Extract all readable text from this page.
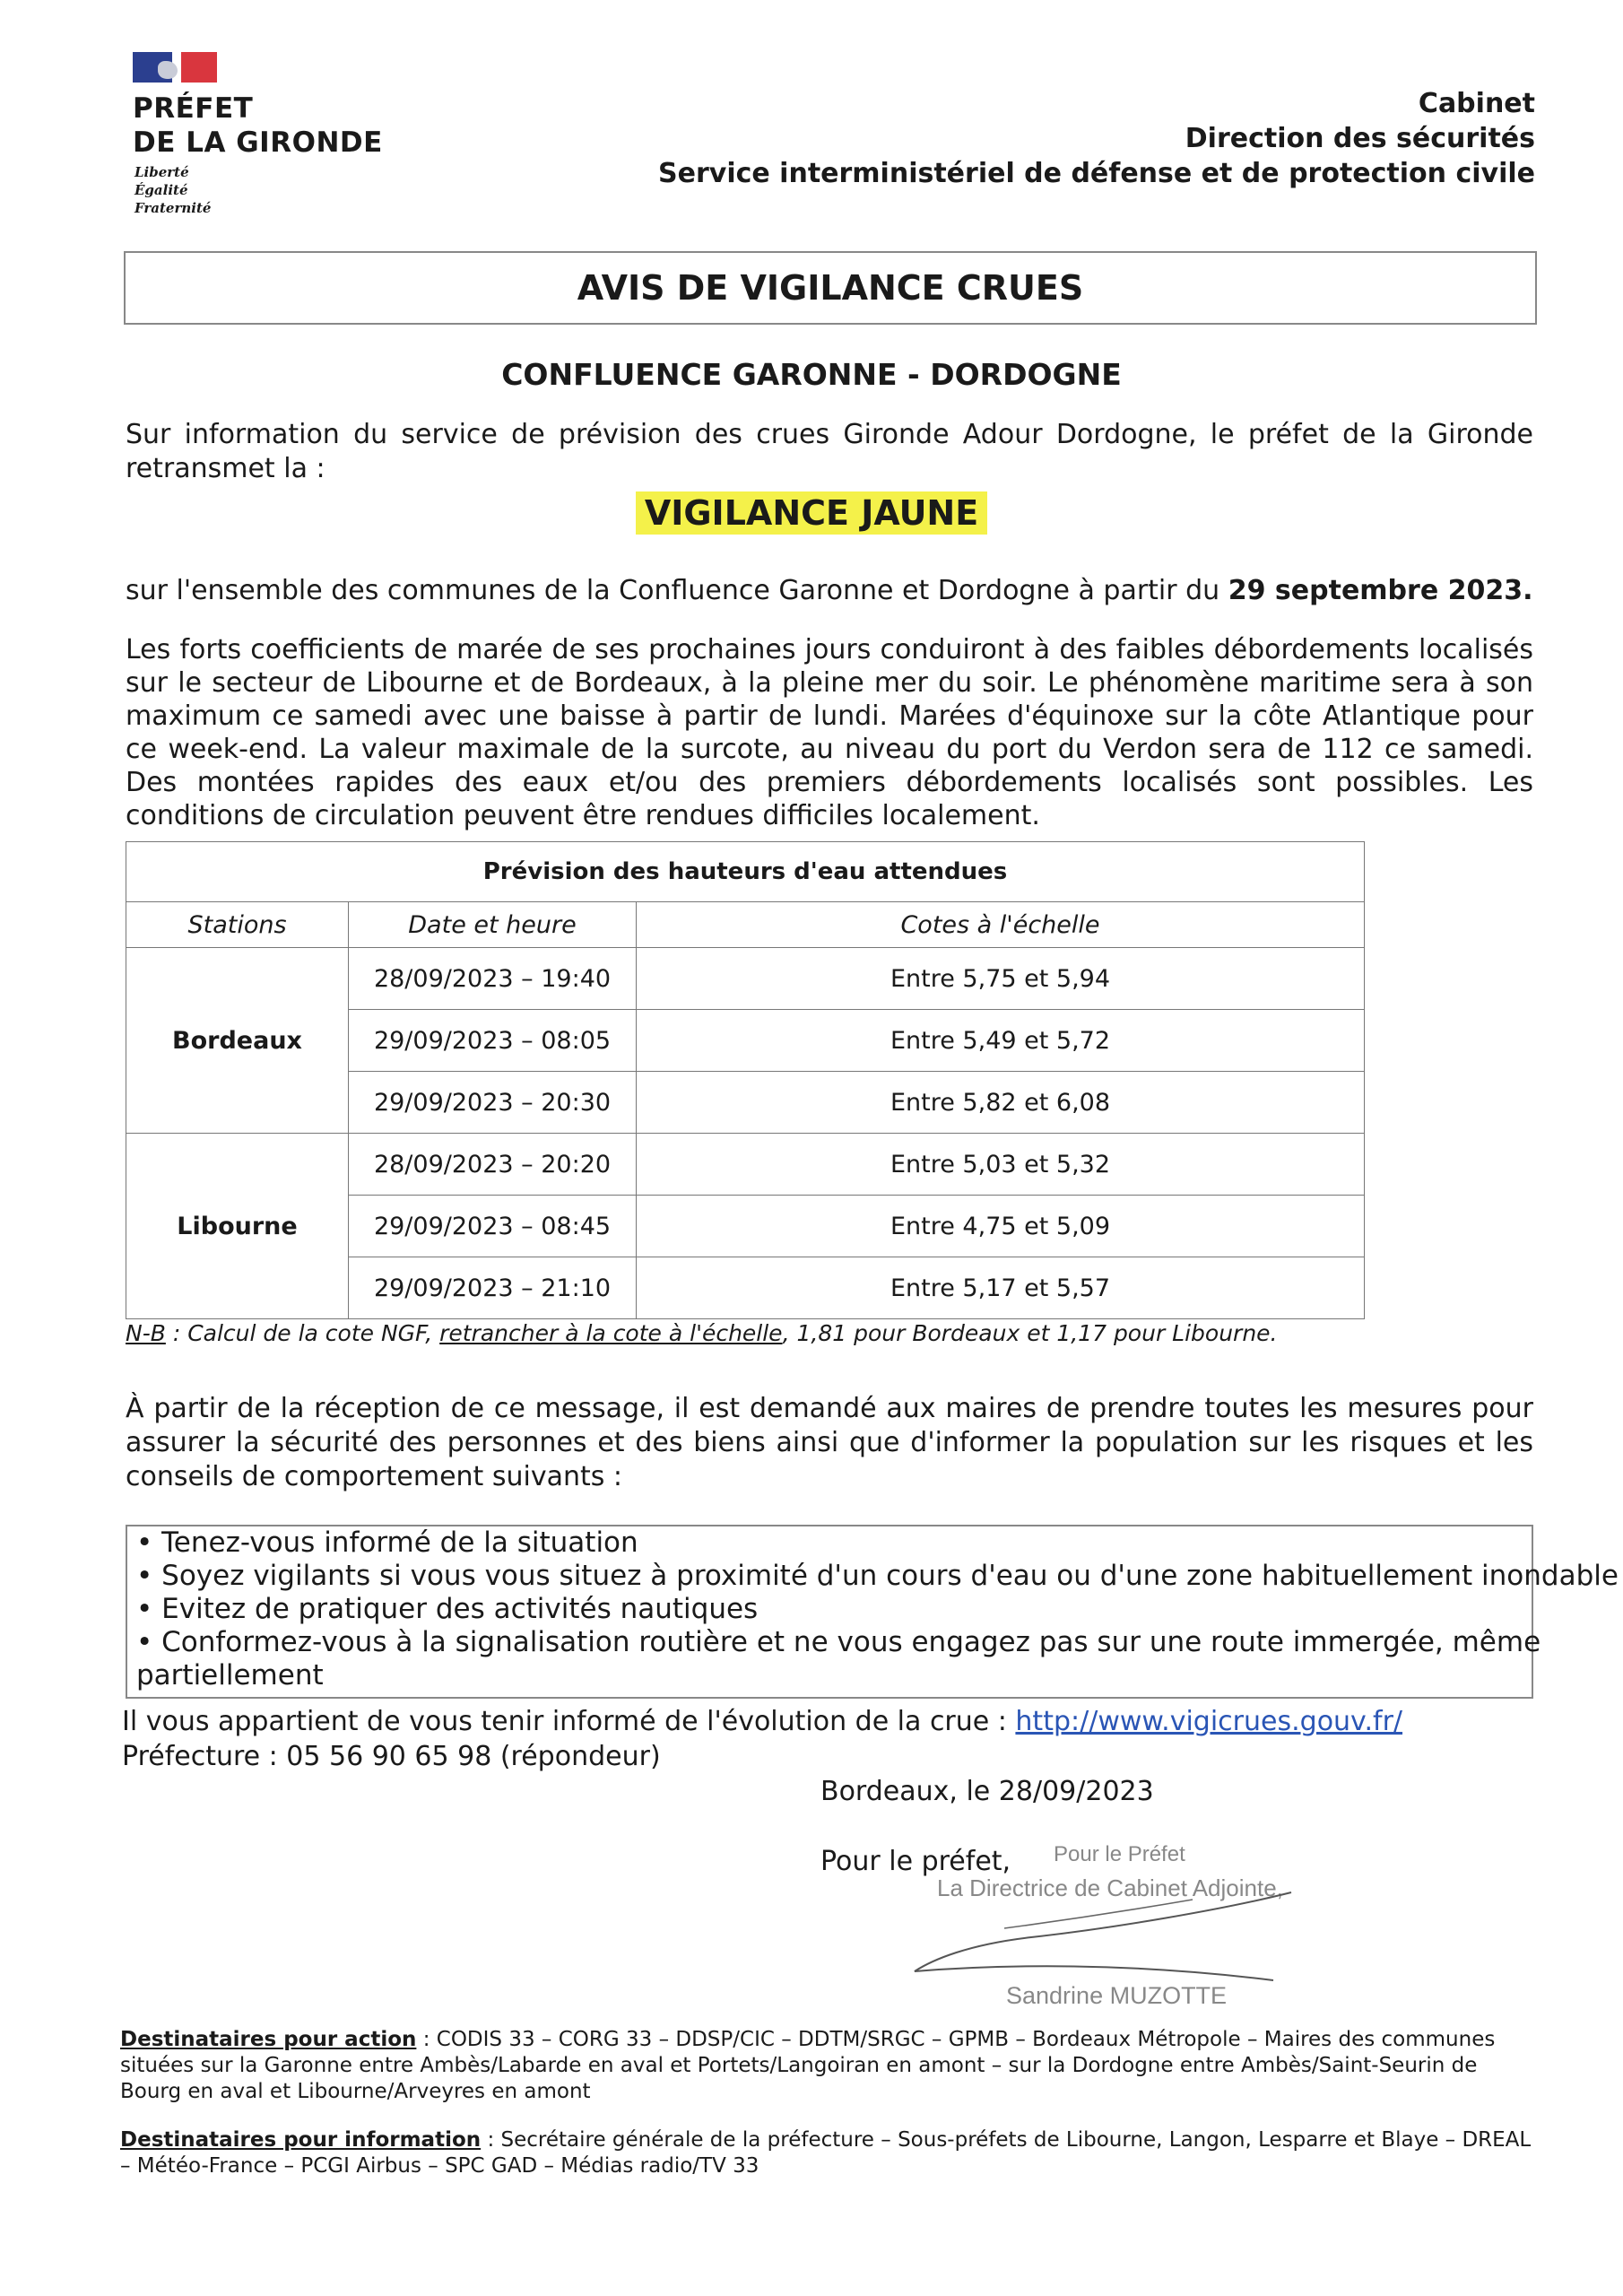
PRÉFET
DE LA GIRONDE
Liberté
Égalité
Fraternité
Cabinet
Direction des sécurités
Service interministériel de défense et de protection civile
AVIS DE VIGILANCE CRUES
CONFLUENCE GARONNE - DORDOGNE
Sur information du service de prévision des crues Gironde Adour Dordogne, le préfet de la Gironde retransmet la :
VIGILANCE JAUNE
sur l'ensemble des communes de la Confluence Garonne et Dordogne à partir du 29 septembre 2023.
Les forts coefficients de marée de ses prochaines jours conduiront à des faibles débordements localisés sur le secteur de Libourne et de Bordeaux, à la pleine mer du soir. Le phénomène maritime sera à son maximum ce samedi avec une baisse à partir de lundi. Marées d'équinoxe sur la côte Atlantique pour ce week-end. La valeur maximale de la surcote, au niveau du port du Verdon sera de 112 ce samedi. Des montées rapides des eaux et/ou des premiers débordements localisés sont possibles. Les conditions de circulation peuvent être rendues difficiles localement.
Prévision des hauteurs d'eau attendues		
Stations	Date et heure	Cotes à l'échelle
Bordeaux	28/09/2023 – 19:40	Entre 5,75 et 5,94
	29/09/2023 – 08:05	Entre 5,49 et 5,72
	29/09/2023 – 20:30	Entre 5,82 et 6,08
Libourne	28/09/2023 – 20:20	Entre 5,03 et 5,32
	29/09/2023 – 08:45	Entre 4,75 et 5,09
	29/09/2023 – 21:10	Entre 5,17 et 5,57
N-B : Calcul de la cote NGF, retrancher à la cote à l'échelle, 1,81 pour Bordeaux et 1,17 pour Libourne.
À partir de la réception de ce message, il est demandé aux maires de prendre toutes les mesures pour assurer la sécurité des personnes et des biens ainsi que d'informer la population sur les risques et les conseils de comportement suivants :
• Tenez-vous informé de la situation
• Soyez vigilants si vous vous situez à proximité d'un cours d'eau ou d'une zone habituellement inondable
• Evitez de pratiquer des activités nautiques
• Conformez-vous à la signalisation routière et ne vous engagez pas sur une route immergée, même
partiellement
Il vous appartient de vous tenir informé de l'évolution de la crue : http://www.vigicrues.gouv.fr/
Préfecture : 05 56 90 65 98 (répondeur)
Bordeaux, le 28/09/2023
Pour le préfet, Pour le Préfet
La Directrice de Cabinet Adjointe,
Sandrine MUZOTTE
Destinataires pour action : CODIS 33 – CORG 33 – DDSP/CIC – DDTM/SRGC – GPMB – Bordeaux Métropole – Maires des communes situées sur la Garonne entre Ambès/Labarde en aval et Portets/Langoiran en amont – sur la Dordogne entre Ambès/Saint-Seurin de Bourg en aval et Libourne/Arveyres en amont
Destinataires pour information : Secrétaire générale de la préfecture – Sous-préfets de Libourne, Langon, Lesparre et Blaye – DREAL – Météo-France – PCGI Airbus – SPC GAD – Médias radio/TV 33
